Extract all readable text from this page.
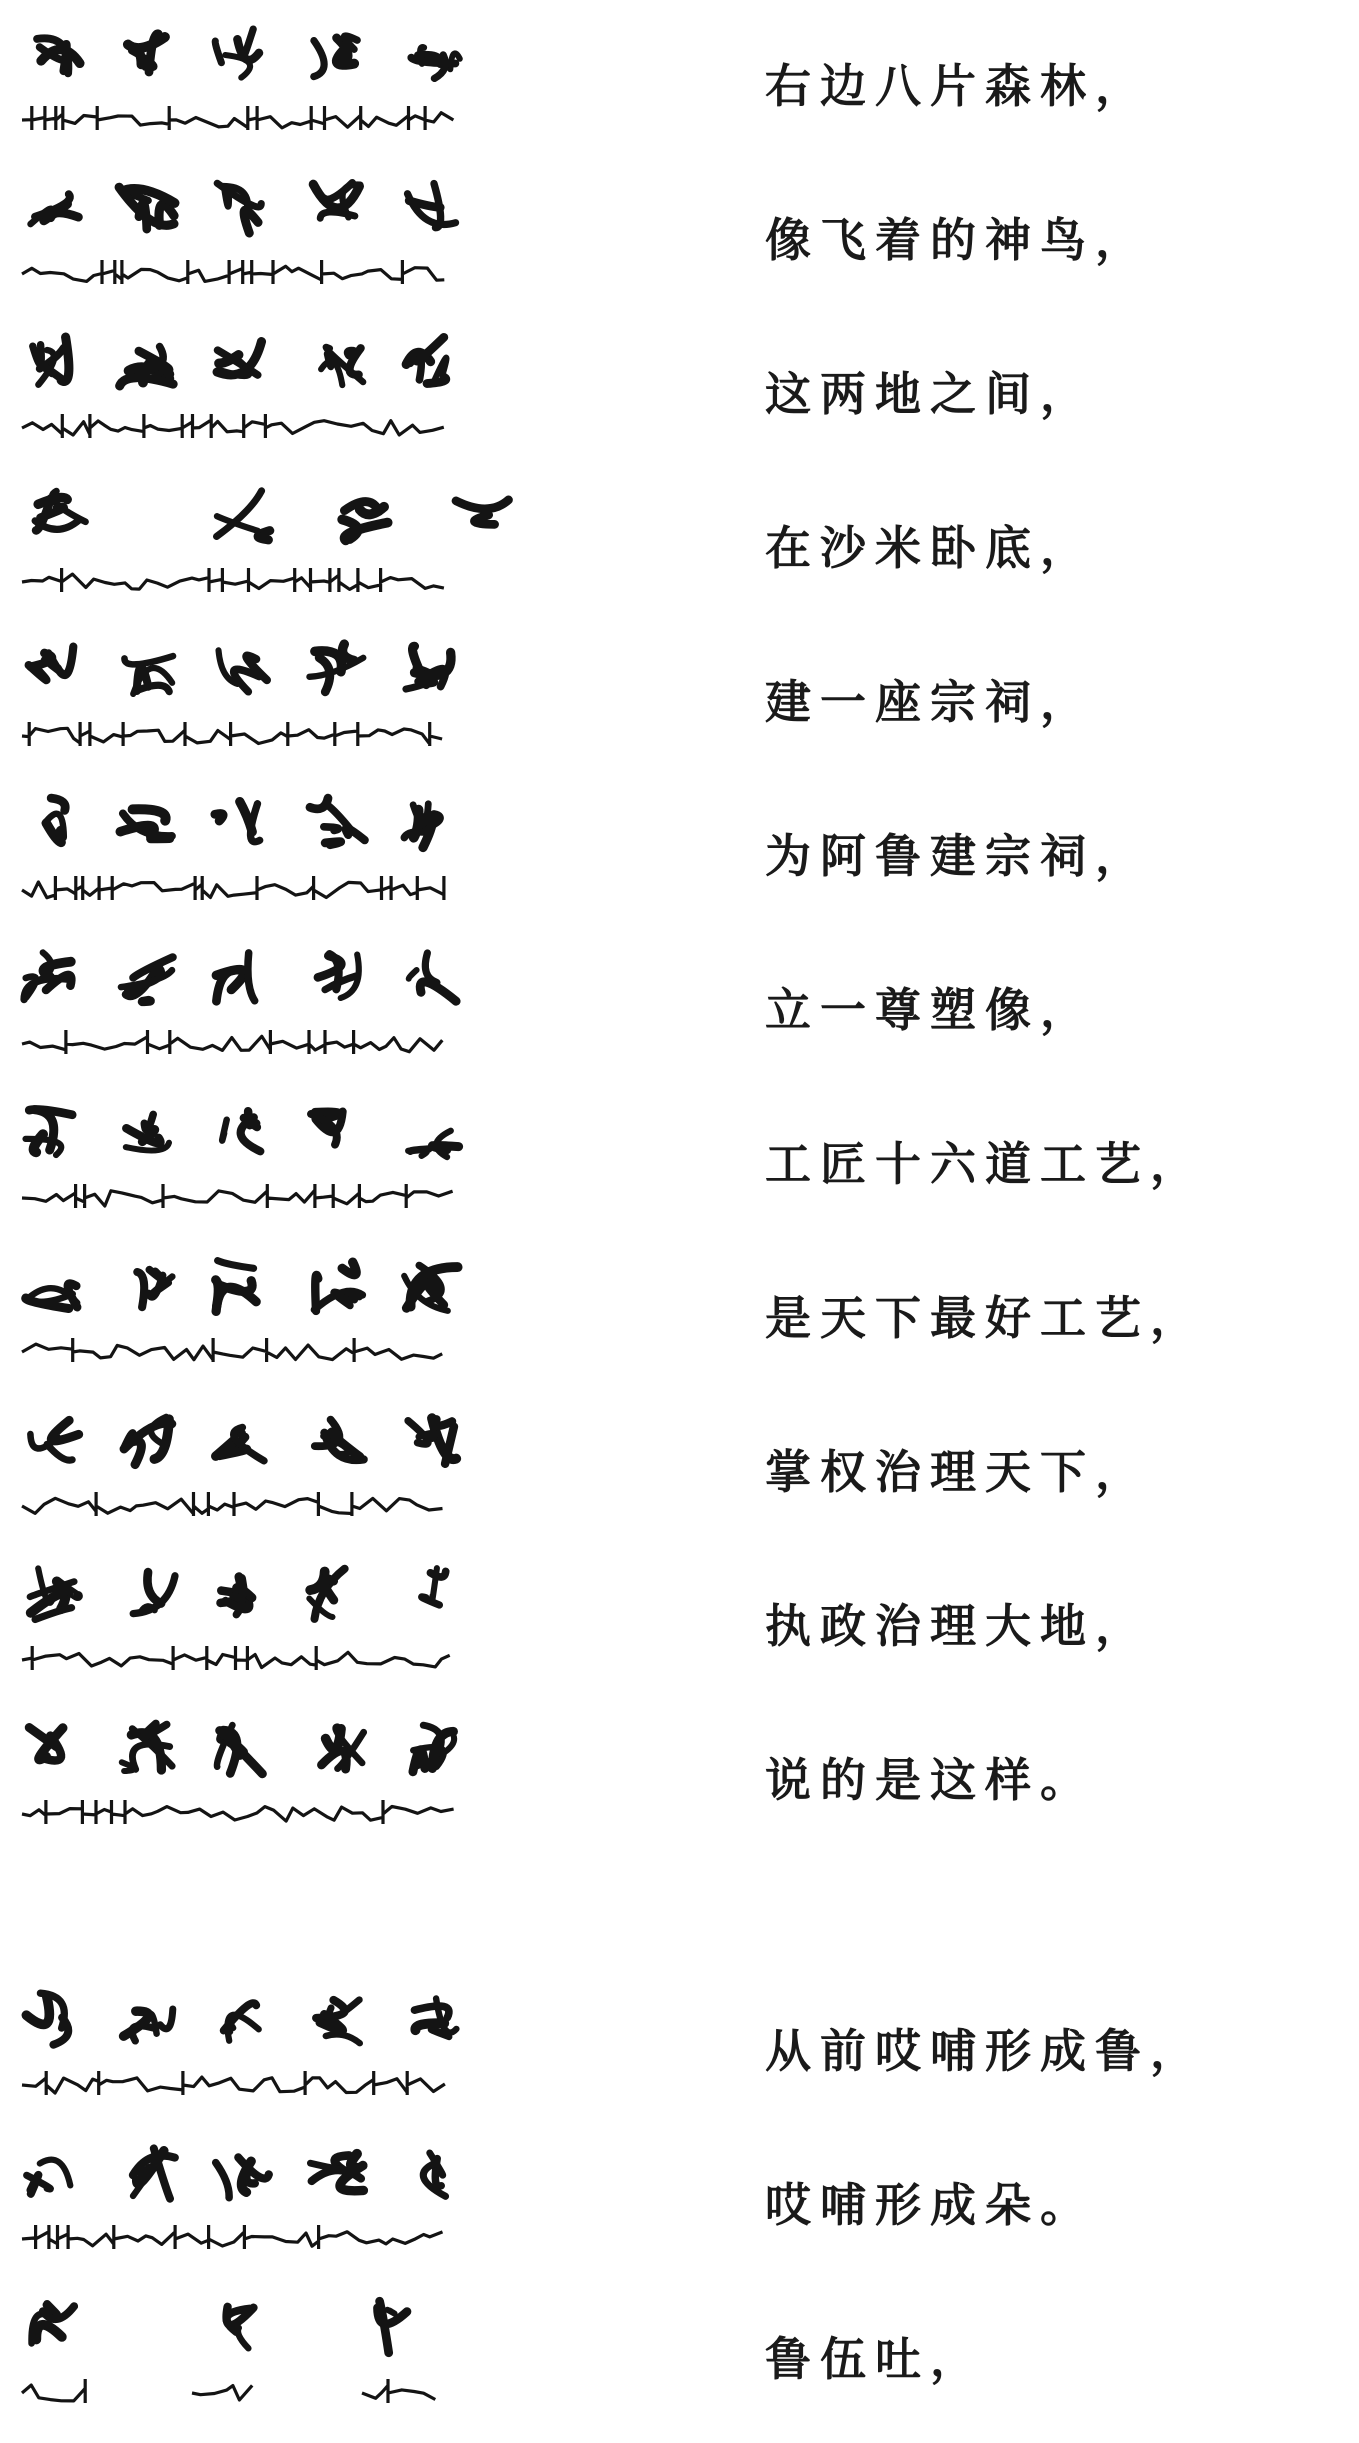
右边八片森林，
像飞着的神鸟，
这两地之间，
在沙米卧底，
建一座宗祠，
为阿鲁建宗祠，
立一尊塑像，
工匠十六道工艺，
是天下最好工艺，
掌权治理天下，
执政治理大地，
说的是这样。
从前哎哺形成鲁，
哎哺形成朵。
鲁伍吐，
